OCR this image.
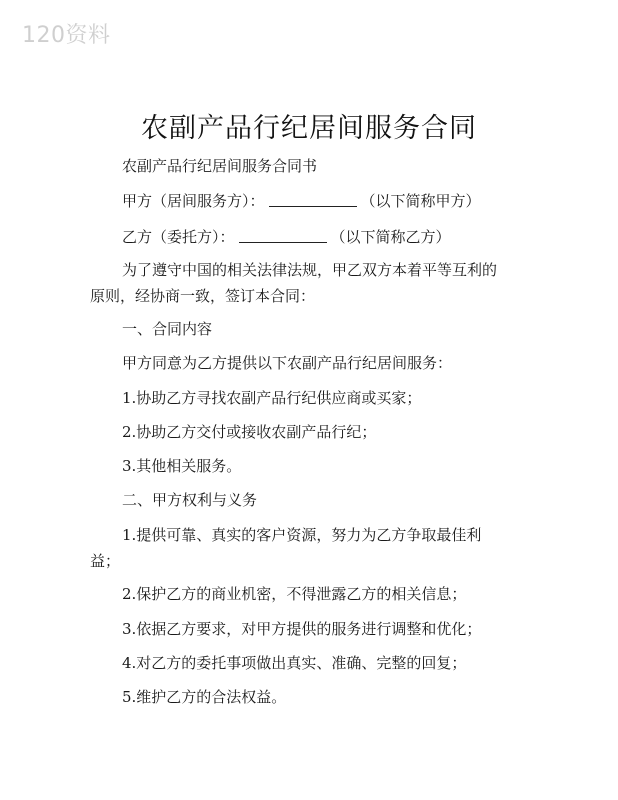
120资料
农副产品行纪居间服务合同
农副产品行纪居间服务合同书
甲方（居间服务方）：	（以下简称甲方）
乙方（委托方）：	（以下简称乙方）
为了遵守中国的相关法律法规，甲乙双方本着平等互利的
原则，经协商一致，签订本合同：
一、合同内容
甲方同意为乙方提供以下农副产品行纪居间服务：
1.协助乙方寻找农副产品行纪供应商或买家；
2.协助乙方交付或接收农副产品行纪；
3.其他相关服务。
二、甲方权利与义务
1.提供可靠、真实的客户资源，努力为乙方争取最佳利
益；
2.保护乙方的商业机密，不得泄露乙方的相关信息；
3.依据乙方要求，对甲方提供的服务进行调整和优化；
4.对乙方的委托事项做出真实、准确、完整的回复；
5.维护乙方的合法权益。
